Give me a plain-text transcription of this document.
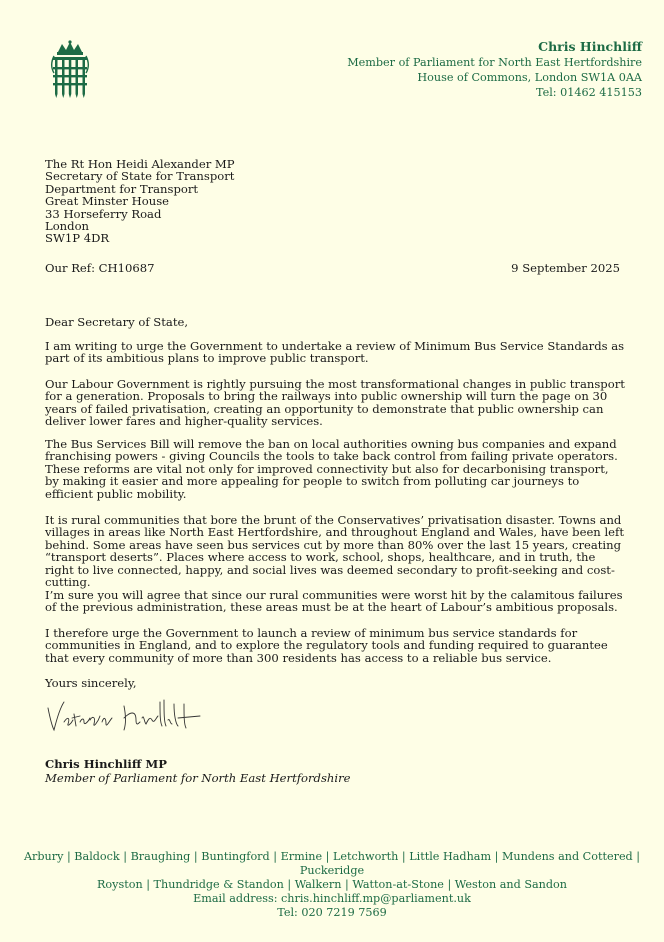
Chris Hinchliff
Member of Parliament for North East Hertfordshire
House of Commons, London SW1A 0AA
Tel: 01462 415153
The Rt Hon Heidi Alexander MP
Secretary of State for Transport
Department for Transport
Great Minster House
33 Horseferry Road
London
SW1P 4DR
Our Ref: CH10687	9 September 2025
Dear Secretary of State,
I am writing to urge the Government to undertake a review of Minimum Bus Service Standards as part of its ambitious plans to improve public transport.
Our Labour Government is rightly pursuing the most transformational changes in public transport for a generation. Proposals to bring the railways into public ownership will turn the page on 30 years of failed privatisation, creating an opportunity to demonstrate that public ownership can deliver lower fares and higher-quality services.
The Bus Services Bill will remove the ban on local authorities owning bus companies and expand franchising powers - giving Councils the tools to take back control from failing private operators. These reforms are vital not only for improved connectivity but also for decarbonising transport, by making it easier and more appealing for people to switch from polluting car journeys to efficient public mobility.
It is rural communities that bore the brunt of the Conservatives’ privatisation disaster. Towns and villages in areas like North East Hertfordshire, and throughout England and Wales, have been left behind. Some areas have seen bus services cut by more than 80% over the last 15 years, creating “transport deserts”. Places where access to work, school, shops, healthcare, and in truth, the right to live connected, happy, and social lives was deemed secondary to profit-seeking and cost-cutting.
I’m sure you will agree that since our rural communities were worst hit by the calamitous failures of the previous administration, these areas must be at the heart of Labour’s ambitious proposals.
I therefore urge the Government to launch a review of minimum bus service standards for communities in England, and to explore the regulatory tools and funding required to guarantee that every community of more than 300 residents has access to a reliable bus service.
Yours sincerely,
Chris Hinchliff MP
Member of Parliament for North East Hertfordshire
Arbury | Baldock | Braughing | Buntingford | Ermine | Letchworth | Little Hadham | Mundens and Cottered | Puckeridge
Royston | Thundridge & Standon | Walkern | Watton-at-Stone | Weston and Sandon
Email address: chris.hinchliff.mp@parliament.uk
Tel: 020 7219 7569
